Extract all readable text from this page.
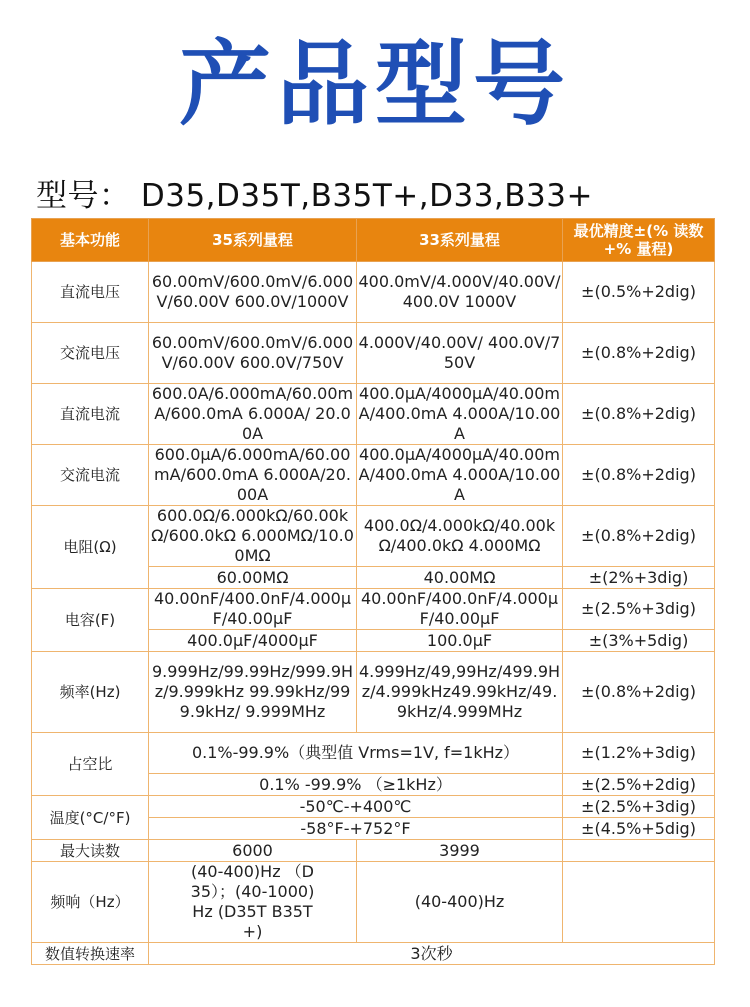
产品型号
型号： D35,D35T,B35T+,D33,B33+
基本功能	35系列量程	33系列量程	最优精度±(% 读数+% 量程)
直流电压	60.00mV/600.0mV/6.000V/60.00V 600.0V/1000V	400.0mV/4.000V/40.00V/400.0V 1000V	±(0.5%+2dig)
交流电压	60.00mV/600.0mV/6.000V/60.00V 600.0V/750V	4.000V/40.00V/ 400.0V/750V	±(0.8%+2dig)
直流电流	600.0A/6.000mA/60.00mA/600.0mA 6.000A/ 20.00A	400.0μA/4000μA/40.00mA/400.0mA 4.000A/10.00A	±(0.8%+2dig)
交流电流	600.0μA/6.000mA/60.00mA/600.0mA 6.000A/20.00A	400.0μA/4000μA/40.00mA/400.0mA 4.000A/10.00A	±(0.8%+2dig)
电阻(Ω)	600.0Ω/6.000kΩ/60.00kΩ/600.0kΩ 6.000MΩ/10.00MΩ	400.0Ω/4.000kΩ/40.00kΩ/400.0kΩ 4.000MΩ	±(0.8%+2dig)
	60.00MΩ	40.00MΩ	±(2%+3dig)
电容(F)	40.00nF/400.0nF/4.000μF/40.00μF	40.00nF/400.0nF/4.000μF/40.00μF	±(2.5%+3dig)
	400.0μF/4000μF	100.0μF	±(3%+5dig)
频率(Hz)	9.999Hz/99.99Hz/999.9Hz/9.999kHz 99.99kHz/999.9kHz/ 9.999MHz	4.999Hz/49,99Hz/499.9Hz/4.999kHz49.99kHz/49.9kHz/4.999MHz	±(0.8%+2dig)
占空比	0.1%-99.9%（典型值 Vrms=1V, f=1kHz）		±(1.2%+3dig)
	0.1% -99.9% （≥1kHz）		±(2.5%+2dig)
温度(°C/°F)	-50℃-+400℃		±(2.5%+3dig)
	-58°F-+752°F		±(4.5%+5dig)
最大读数	6000	3999	
频响（Hz）	(40-400)Hz （D35）；(40-1000)Hz (D35T B35T+)	(40-400)Hz	
数值转换速率	3次秒		
